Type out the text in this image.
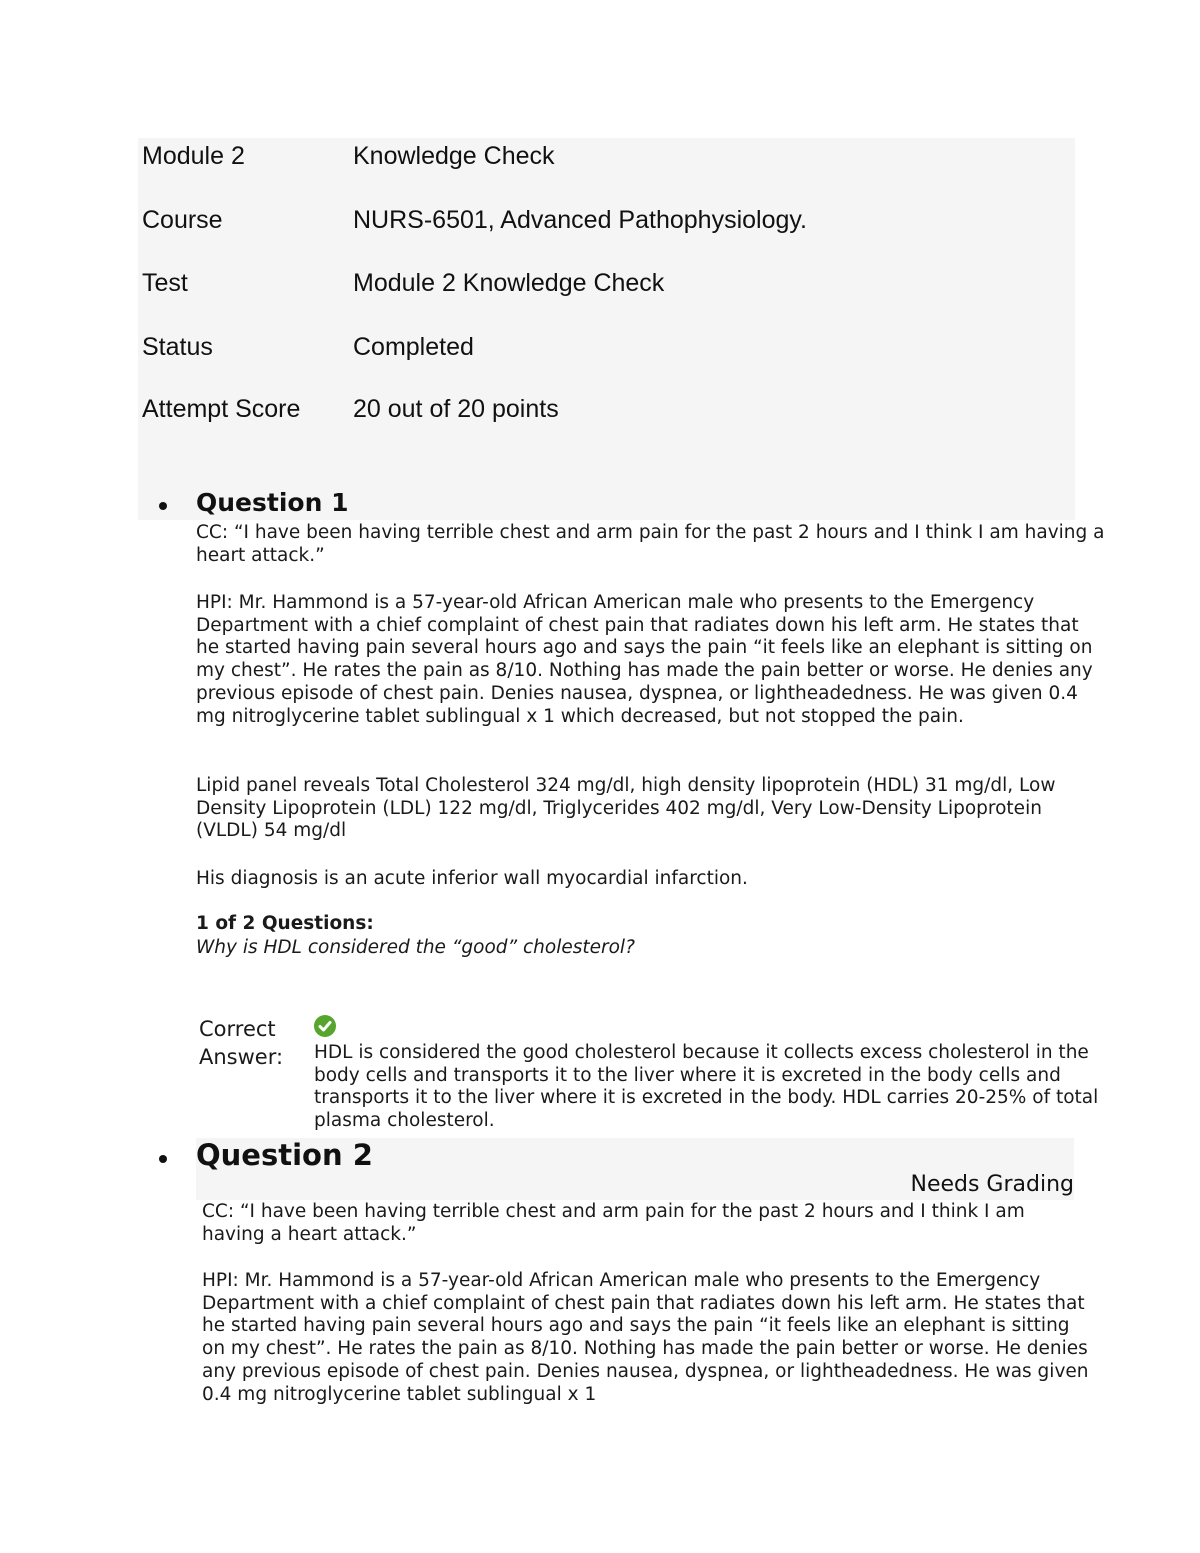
Module 2	Knowledge Check
Course	NURS-6501, Advanced Pathophysiology.
Test	Module 2 Knowledge Check
Status	Completed
Attempt Score 20 out of 20 points
Question 1

CC: “I have been having terrible chest and arm pain for the past 2 hours and I think I am having a heart attack.”

HPI: Mr. Hammond is a 57-year-old African American male who presents to the Emergency Department with a chief complaint of chest pain that radiates down his left arm. He states that he started having pain several hours ago and says the pain “it feels like an elephant is sitting on my chest”. He rates the pain as 8/10. Nothing has made the pain better or worse. He denies any previous episode of chest pain. Denies nausea, dyspnea, or lightheadedness. He was given 0.4 mg nitroglycerine tablet sublingual x 1 which decreased, but not stopped the pain.

Lipid panel reveals Total Cholesterol 324 mg/dl, high density lipoprotein (HDL) 31 mg/dl, Low Density Lipoprotein (LDL) 122 mg/dl, Triglycerides 402 mg/dl, Very Low-Density Lipoprotein (VLDL) 54 mg/dl

His diagnosis is an acute inferior wall myocardial infarction.

1 of 2 Questions:
Why is HDL considered the “good” cholesterol?
Correct Answer:	HDL is considered the good cholesterol because it collects excess cholesterol in the body cells and transports it to the liver where it is excreted in the body cells and transports it to the liver where it is excreted in the body. HDL carries 20-25% of total plasma cholesterol.
Question 2
Needs Grading

CC: “I have been having terrible chest and arm pain for the past 2 hours and I think I am having a heart attack.”

HPI: Mr. Hammond is a 57-year-old African American male who presents to the Emergency Department with a chief complaint of chest pain that radiates down his left arm. He states that he started having pain several hours ago and says the pain “it feels like an elephant is sitting on my chest”. He rates the pain as 8/10. Nothing has made the pain better or worse. He denies any previous episode of chest pain. Denies nausea, dyspnea, or lightheadedness. He was given 0.4 mg nitroglycerine tablet sublingual x 1
